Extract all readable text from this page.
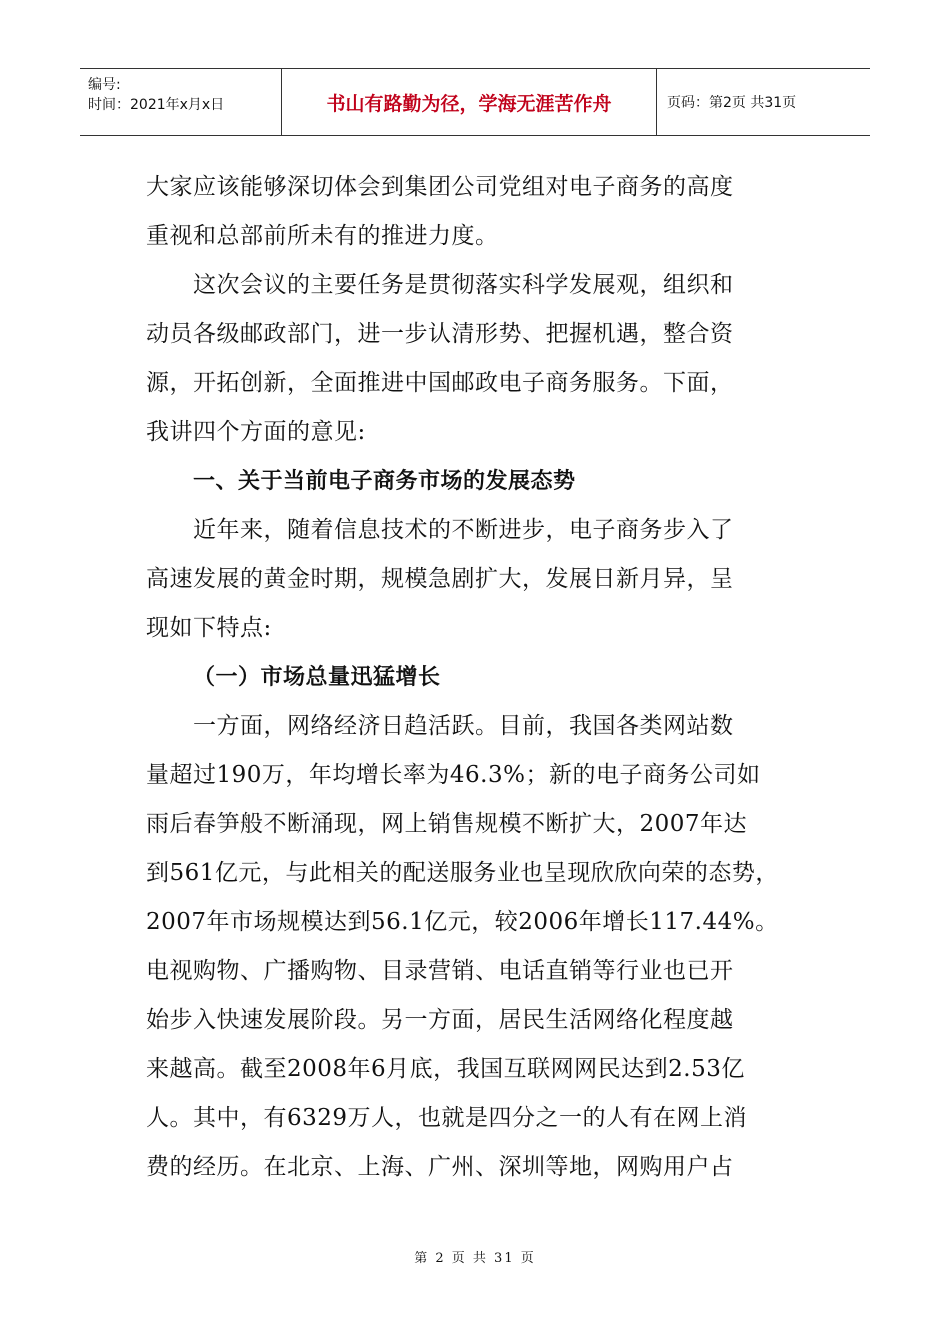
编号:
时间：2021年x月x日	书山有路勤为径，学海无涯苦作舟	页码：第2页 共31页
大家应该能够深切体会到集团公司党组对电子商务的高度
重视和总部前所未有的推进力度。
这次会议的主要任务是贯彻落实科学发展观，组织和
动员各级邮政部门，进一步认清形势、把握机遇，整合资
源，开拓创新，全面推进中国邮政电子商务服务。下面，
我讲四个方面的意见:
一、关于当前电子商务市场的发展态势
近年来，随着信息技术的不断进步，电子商务步入了
高速发展的黄金时期，规模急剧扩大，发展日新月异，呈
现如下特点:
（一）市场总量迅猛增长
一方面，网络经济日趋活跃。目前，我国各类网站数
量超过190万，年均增长率为46.3%；新的电子商务公司如
雨后春笋般不断涌现，网上销售规模不断扩大，2007年达
到561亿元，与此相关的配送服务业也呈现欣欣向荣的态势，
2007年市场规模达到56.1亿元，较2006年增长117.44%。
电视购物、广播购物、目录营销、电话直销等行业也已开
始步入快速发展阶段。另一方面，居民生活网络化程度越
来越高。截至2008年6月底，我国互联网网民达到2.53亿
人。其中，有6329万人，也就是四分之一的人有在网上消
费的经历。在北京、上海、广州、深圳等地，网购用户占
第 2 页 共 31 页
